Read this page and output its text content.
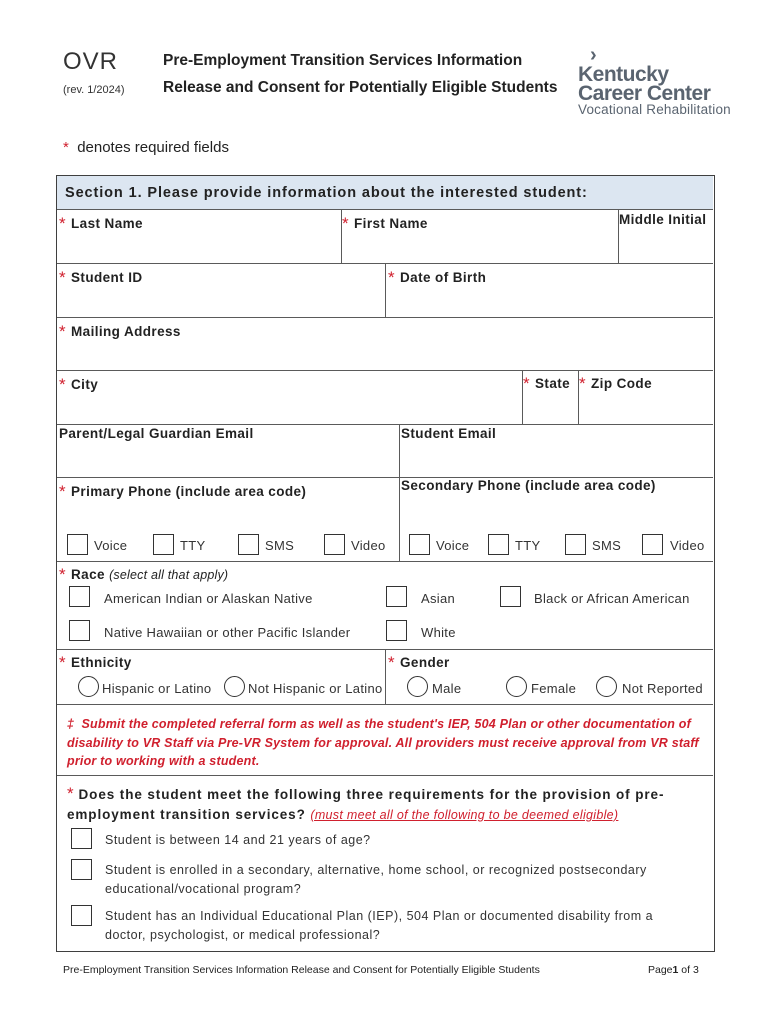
OVR
(rev. 1/2024)
Pre-Employment Transition Services Information
Release and Consent for Potentially Eligible Students
›
Kentucky
Career Center
Vocational Rehabilitation
* denotes required fields
Section 1. Please provide information about the interested student:
* Last Name	* First Name	Middle Initial
* Student ID	* Date of Birth
* Mailing Address
* City	* State * Zip Code
Parent/Legal Guardian Email	Student Email
* Primary Phone (include area code)
Voice	TTY	SMS	Video
Secondary Phone (include area code)
Voice	TTY	SMS	Video
* Race (select all that apply)
American Indian or Alaskan Native	Asian	Black or African American
Native Hawaiian or other Pacific Islander	White
* Ethnicity
Hispanic or Latino	Not Hispanic or Latino
* Gender
Male	Female	Not Reported
‡ Submit the completed referral form as well as the student's IEP, 504 Plan or other documentation of disability to VR Staff via Pre-VR System for approval. All providers must receive approval from VR staff prior to working with a student.
* Does the student meet the following three requirements for the provision of pre-employment transition services? (must meet all of the following to be deemed eligible)
Student is between 14 and 21 years of age?
Student is enrolled in a secondary, alternative, home school, or recognized postsecondary educational/vocational program?
Student has an Individual Educational Plan (IEP), 504 Plan or documented disability from a doctor, psychologist, or medical professional?
Pre-Employment Transition Services Information Release and Consent for Potentially Eligible Students	Page1 of 3
